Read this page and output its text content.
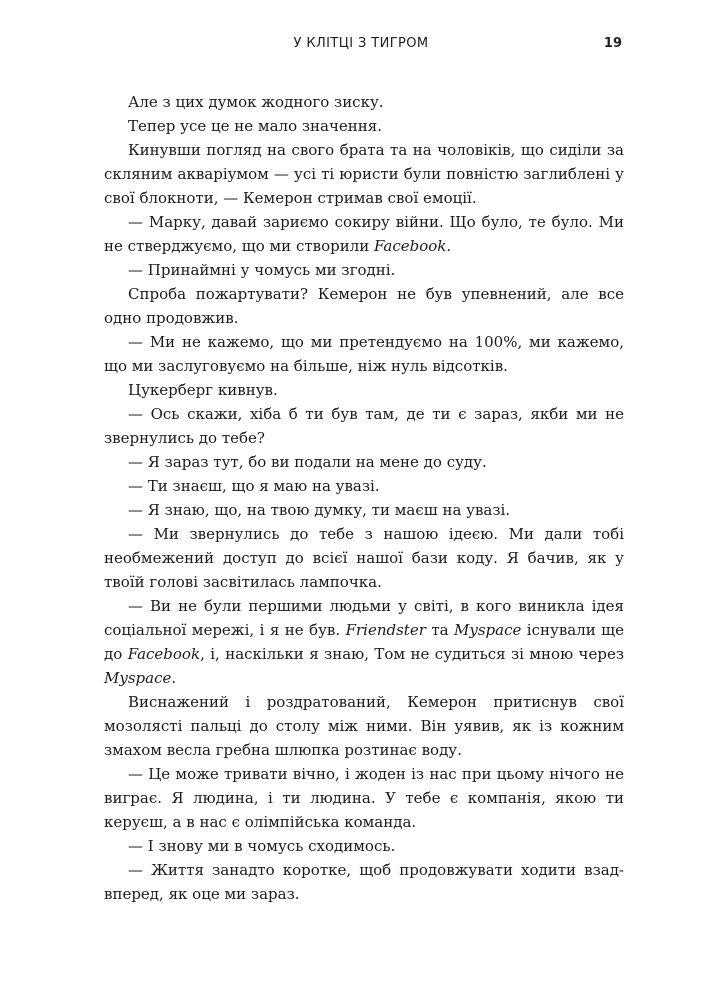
У КЛІТЦІ З ТИГРОМ	19

Але з цих думок жодного зиску.

Тепер усе це не мало значення.

Кинувши погляд на свого брата та на чоловіків, що сиділи за скляним акваріумом — усі ті юристи були повністю заглиблені у свої блокноти, — Кемерон стримав свої емоції.

— Марку, давай зариємо сокиру війни. Що було, те було. Ми не стверджуємо, що ми створили Facebook.

— Принаймні у чомусь ми згодні.

Спроба пожартувати? Кемерон не був упевнений, але все одно продовжив.

— Ми не кажемо, що ми претендуємо на 100%, ми кажемо, що ми заслуговуємо на більше, ніж нуль відсотків.

Цукерберг кивнув.

— Ось скажи, хіба б ти був там, де ти є зараз, якби ми не звернулись до тебе?

— Я зараз тут, бо ви подали на мене до суду.

— Ти знаєш, що я маю на увазі.

— Я знаю, що, на твою думку, ти маєш на увазі.

— Ми звернулись до тебе з нашою ідеєю. Ми дали тобі необмежений доступ до всієї нашої бази коду. Я бачив, як у твоїй голові засвітилась лампочка.

— Ви не були першими людьми у світі, в кого виникла ідея соціальної мережі, і я не був. Friendster та Myspace існували ще до Facebook, і, наскільки я знаю, Том не судиться зі мною через Myspace.

Виснажений і роздратований, Кемерон притиснув свої мозолясті пальці до столу між ними. Він уявив, як із кожним змахом весла гребна шлюпка розтинає воду.

— Це може тривати вічно, і жоден із нас при цьому нічого не виграє. Я людина, і ти людина. У тебе є компанія, якою ти керуєш, а в нас є олімпійська команда.

— І знову ми в чомусь сходимось.

— Життя занадто коротке, щоб продовжувати ходити взад-вперед, як оце ми зараз.
